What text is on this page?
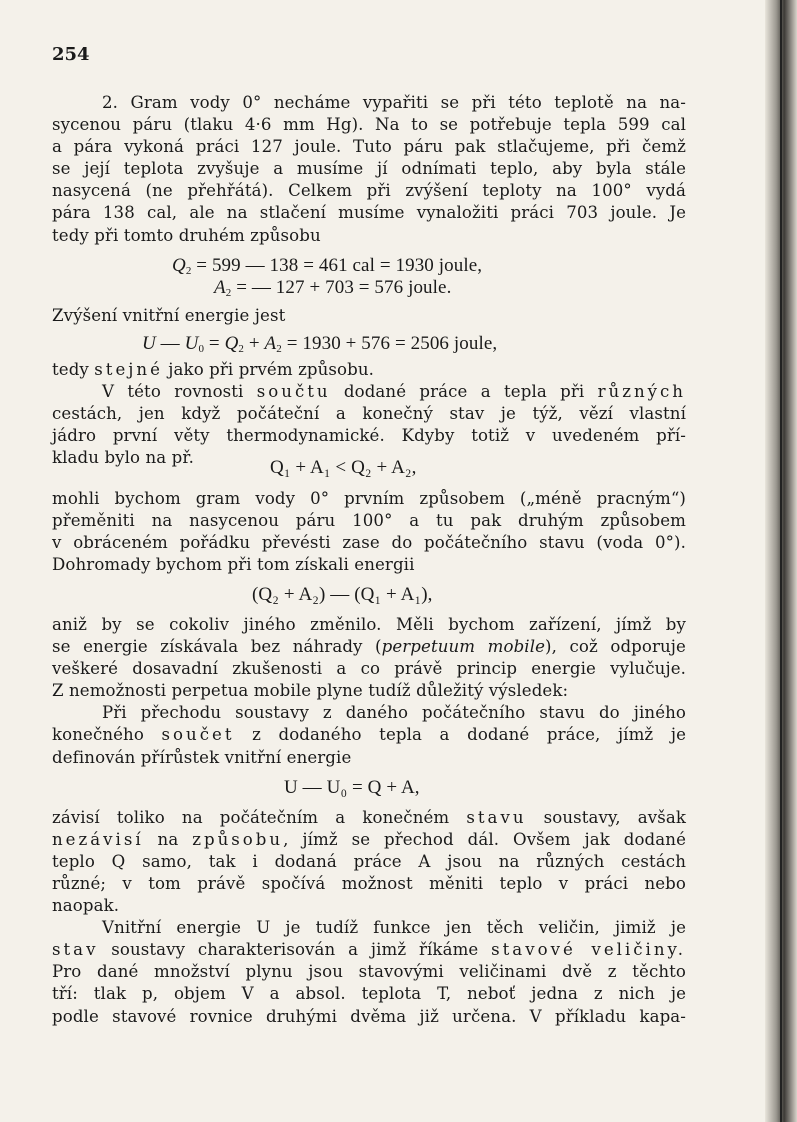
254
2. Gram vody 0° necháme vypařiti se při této teplotě na na-
sycenou páru (tlaku 4·6 mm Hg). Na to se potřebuje tepla 599 cal
a pára vykoná práci 127 joule. Tuto páru pak stlačujeme, při čemž
se její teplota zvyšuje a musíme jí odnímati teplo, aby byla stále
nasycená (ne přehřátá). Celkem při zvýšení teploty na 100° vydá
pára 138 cal, ale na stlačení musíme vynaložiti práci 703 joule. Je
tedy při tomto druhém způsobu
$Q_2 = 599$ — 138 = 461 cal = 1930 joule,
$A_2$ = — 127 + 703 = 576 joule.
Zvýšení vnitřní energie jest
U — $U_0 = Q_2 + A_2 = 1930 + 576 = 2506$ joule,
tedy stejné jako při prvém způsobu.
V této rovnosti součtu dodané práce a tepla při různých
cestách, jen když počáteční a konečný stav je týž, vězí vlastní
jádro první věty thermodynamické. Kdyby totiž v uvedeném pří-
kladu bylo na př.	Q₁ + A₁ < Q₂ + A₂,
mohli bychom gram vody 0° prvním způsobem („méně pracným“)
přeměniti na nasycenou páru 100° a tu pak druhým způsobem
v obráceném pořádku převésti zase do počátečního stavu (voda 0°).
Dohromady bychom při tom získali energii
(Q₂ + A₂) — (Q₁ + A₁),
aniž by se cokoliv jiného změnilo. Měli bychom zařízení, jímž by
se energie získávala bez náhrady (perpetuum mobile), což odporuje
veškeré dosavadní zkušenosti a co právě princip energie vylučuje.
Z nemožnosti perpetua mobile plyne tudíž důležitý výsledek:
Při přechodu soustavy z daného počátečního stavu do jiného
konečného součet z dodaného tepla a dodané práce, jímž je
definován přírůstek vnitřní energie
U — U₀ = Q + A,
závisí toliko na počátečním a konečném stavu soustavy, avšak
nezávisí na způsobu, jímž se přechod dál. Ovšem jak dodané
teplo Q samo, tak i dodaná práce A jsou na různých cestách
různé; v tom právě spočívá možnost měniti teplo v práci nebo
naopak.
Vnitřní energie U je tudíž funkce jen těch veličin, jimiž je
stav soustavy charakterisován a jimž říkáme stavové veličiny.
Pro dané množství plynu jsou stavovými veličinami dvě z těchto
tří: tlak p, objem V a absol. teplota T, neboť jedna z nich je
podle stavové rovnice druhými dvěma již určena. V příkladu kapa-
